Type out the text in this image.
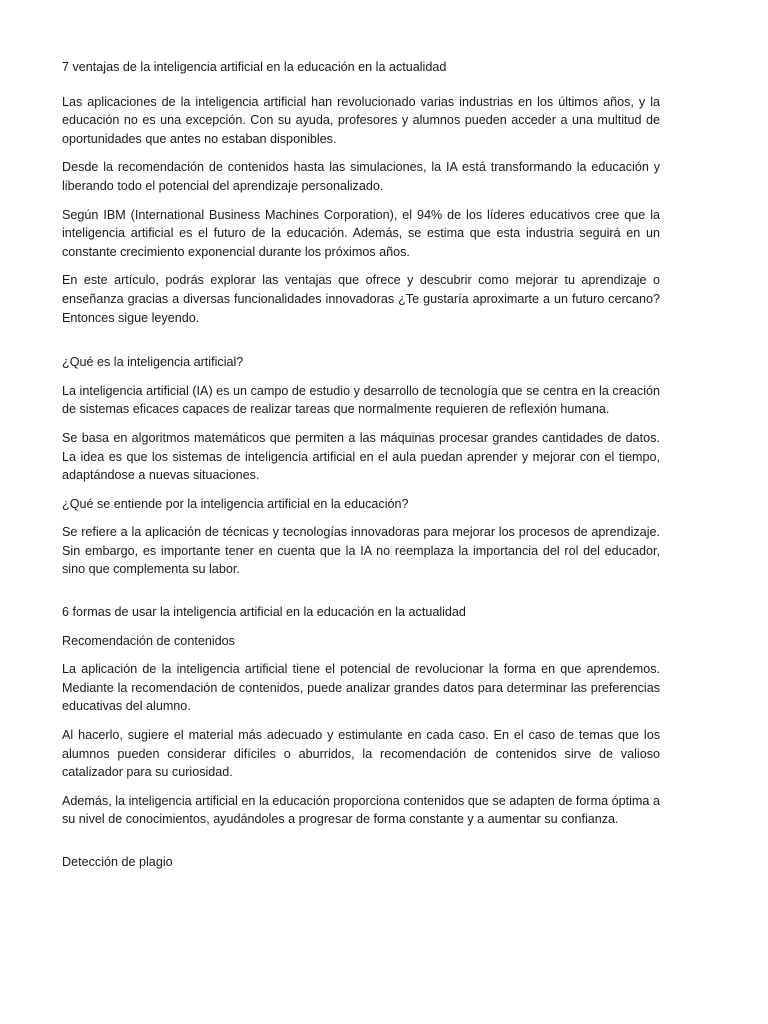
7 ventajas de la inteligencia artificial en la educación en la actualidad

Las aplicaciones de la inteligencia artificial han revolucionado varias industrias en los últimos años, y la educación no es una excepción. Con su ayuda, profesores y alumnos pueden acceder a una multitud de oportunidades que antes no estaban disponibles.

Desde la recomendación de contenidos hasta las simulaciones, la IA está transformando la educación y liberando todo el potencial del aprendizaje personalizado.

Según IBM (International Business Machines Corporation), el 94% de los líderes educativos cree que la inteligencia artificial es el futuro de la educación. Además, se estima que esta industria seguirá en un constante crecimiento exponencial durante los próximos años.

En este artículo, podrás explorar las ventajas que ofrece y descubrir como mejorar tu aprendizaje o enseñanza gracias a diversas funcionalidades innovadoras ¿Te gustaría aproximarte a un futuro cercano? Entonces sigue leyendo.

¿Qué es la inteligencia artificial?

La inteligencia artificial (IA) es un campo de estudio y desarrollo de tecnología que se centra en la creación de sistemas eficaces capaces de realizar tareas que normalmente requieren de reflexión humana.

Se basa en algoritmos matemáticos que permiten a las máquinas procesar grandes cantidades de datos. La idea es que los sistemas de inteligencia artificial en el aula puedan aprender y mejorar con el tiempo, adaptándose a nuevas situaciones.

¿Qué se entiende por la inteligencia artificial en la educación?

Se refiere a la aplicación de técnicas y tecnologías innovadoras para mejorar los procesos de aprendizaje. Sin embargo, es importante tener en cuenta que la IA no reemplaza la importancia del rol del educador, sino que complementa su labor.

6 formas de usar la inteligencia artificial en la educación en la actualidad

Recomendación de contenidos

La aplicación de la inteligencia artificial tiene el potencial de revolucionar la forma en que aprendemos. Mediante la recomendación de contenidos, puede analizar grandes datos para determinar las preferencias educativas del alumno.

Al hacerlo, sugiere el material más adecuado y estimulante en cada caso. En el caso de temas que los alumnos pueden considerar difíciles o aburridos, la recomendación de contenidos sirve de valioso catalizador para su curiosidad.

Además, la inteligencia artificial en la educación proporciona contenidos que se adapten de forma óptima a su nivel de conocimientos, ayudándoles a progresar de forma constante y a aumentar su confianza.

Detección de plagio
